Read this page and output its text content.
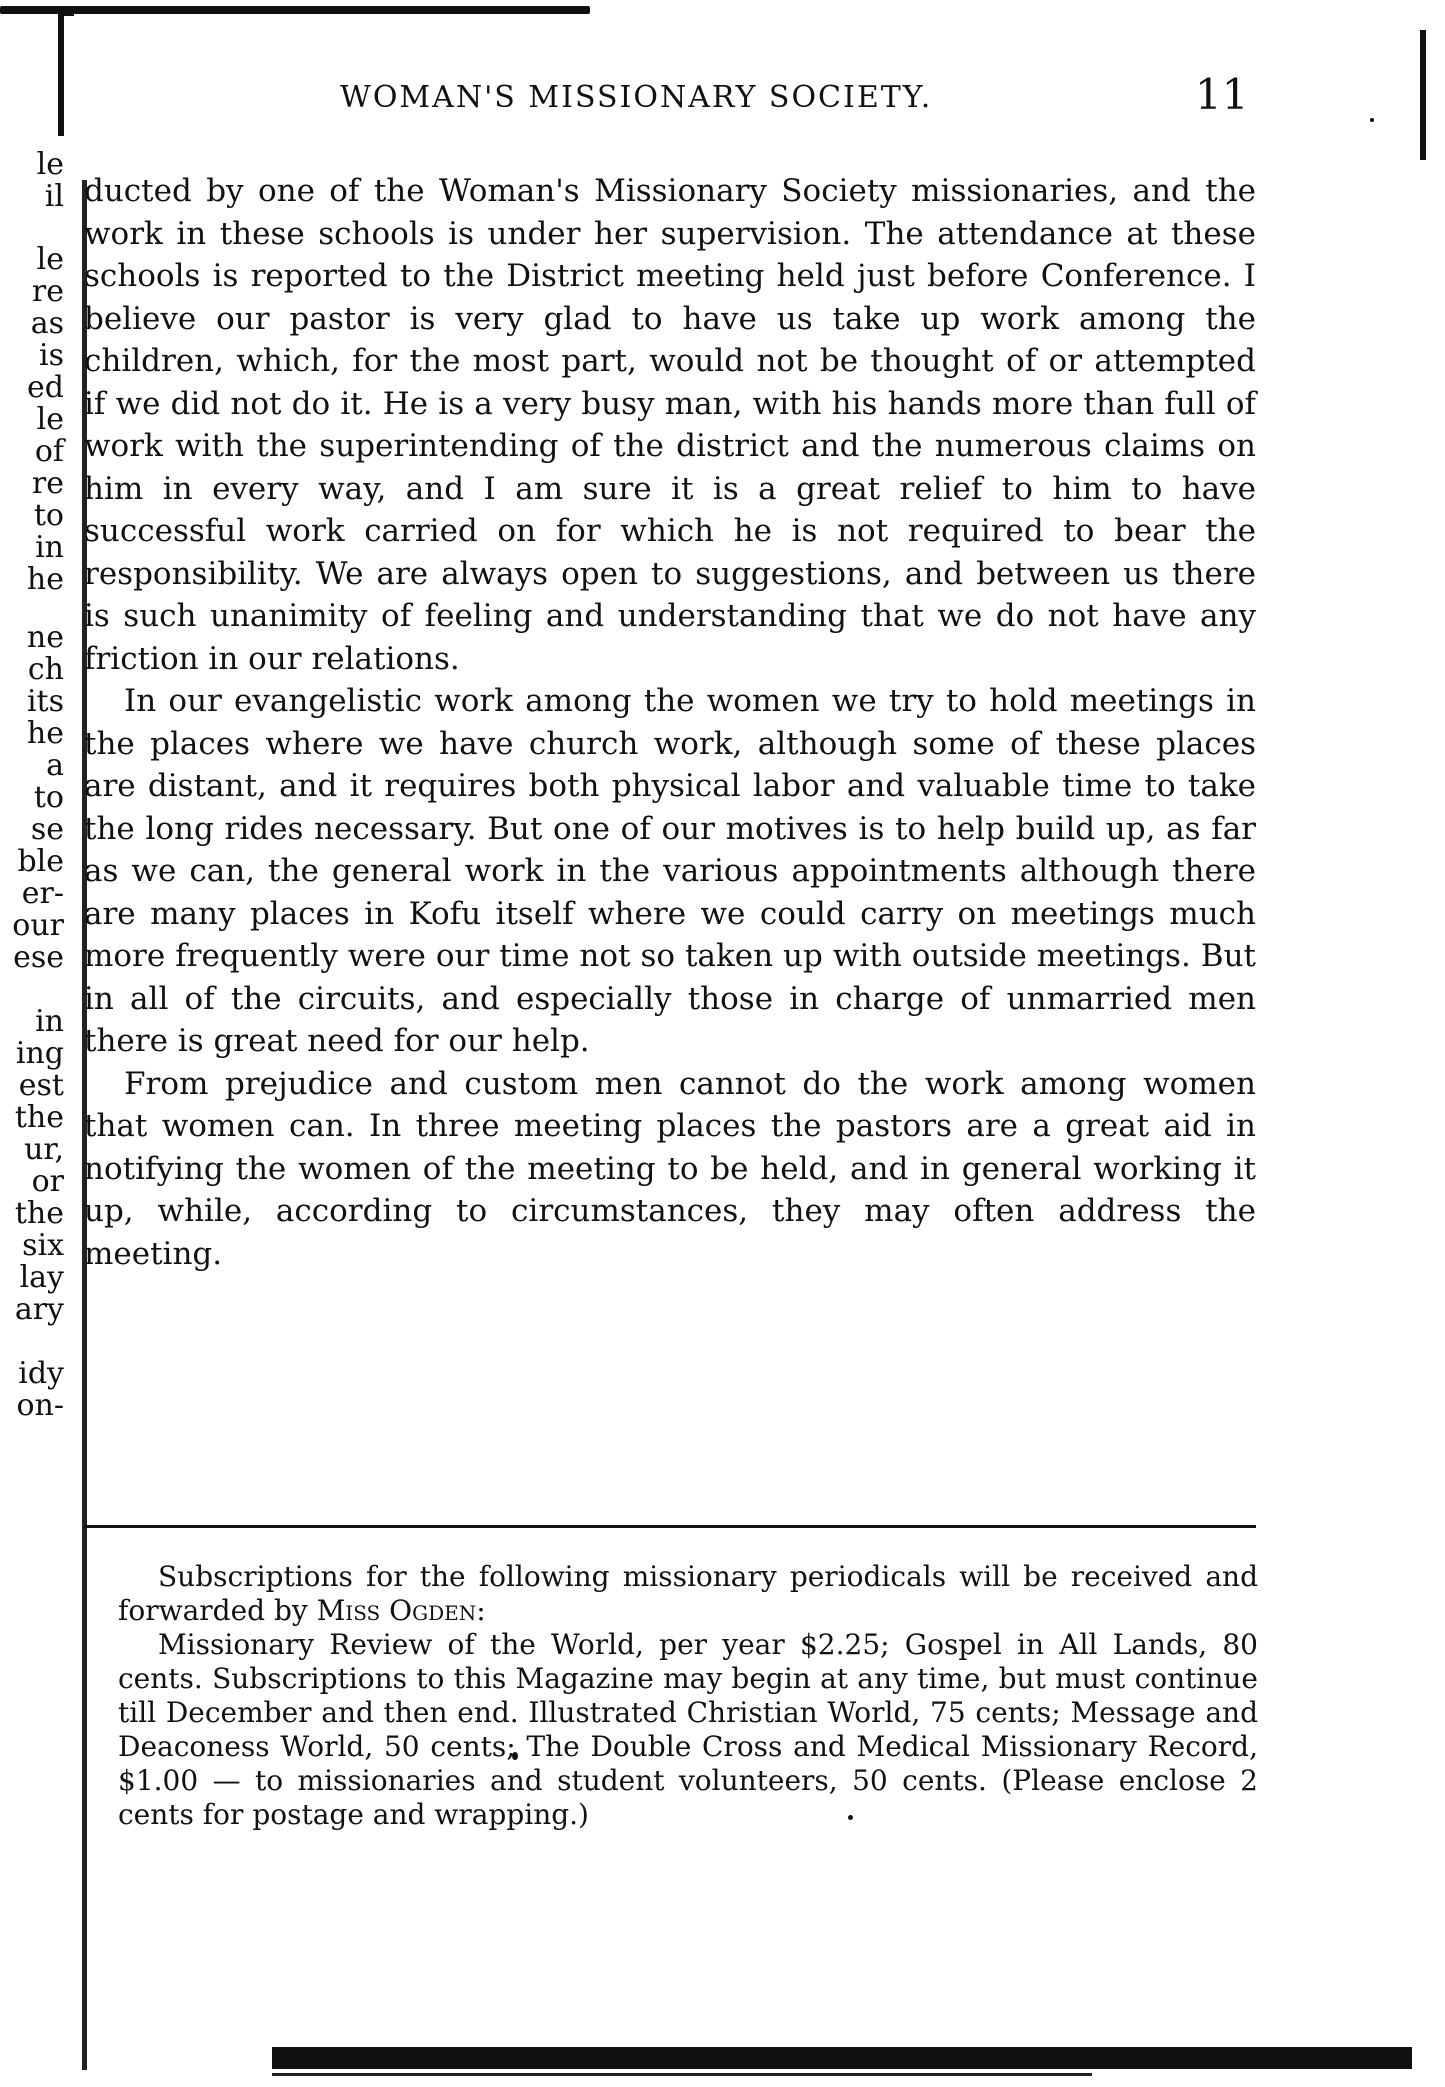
WOMAN'S MISSIONARY SOCIETY.	11
le
il
le
re
as
is
ed
le
of
re
to
in
he
ne
ch
its
he
a
to
se
ble
er-
our
ese
in
ing
est
the
ur,
or
the
six
lay
ary
idy
on-

ducted by one of the Woman's Missionary Society missionaries, and the work in these schools is under her supervision. The attendance at these schools is reported to the District meeting held just before Conference. I believe our pastor is very glad to have us take up work among the children, which, for the most part, would not be thought of or attempted if we did not do it. He is a very busy man, with his hands more than full of work with the superintending of the district and the numerous claims on him in every way, and I am sure it is a great relief to him to have successful work carried on for which he is not required to bear the responsibility. We are always open to suggestions, and between us there is such unanimity of feeling and understanding that we do not have any friction in our relations.

In our evangelistic work among the women we try to hold meetings in the places where we have church work, although some of these places are distant, and it requires both physical labor and valuable time to take the long rides necessary. But one of our motives is to help build up, as far as we can, the general work in the various appointments although there are many places in Kofu itself where we could carry on meetings much more frequently were our time not so taken up with outside meetings. But in all of the circuits, and especially those in charge of unmarried men there is great need for our help.

From prejudice and custom men cannot do the work among women that women can. In three meeting places the pastors are a great aid in notifying the women of the meeting to be held, and in general working it up, while, according to circumstances, they may often address the meeting.

Subscriptions for the following missionary periodicals will be received and forwarded by Miss Ogden:

Missionary Review of the World, per year $2.25; Gospel in All Lands, 80 cents. Subscriptions to this Magazine may begin at any time, but must continue till December and then end. Illustrated Christian World, 75 cents; Message and Deaconess World, 50 cents; The Double Cross and Medical Missionary Record, $1.00 — to missionaries and student volunteers, 50 cents. (Please enclose 2 cents for postage and wrapping.)
